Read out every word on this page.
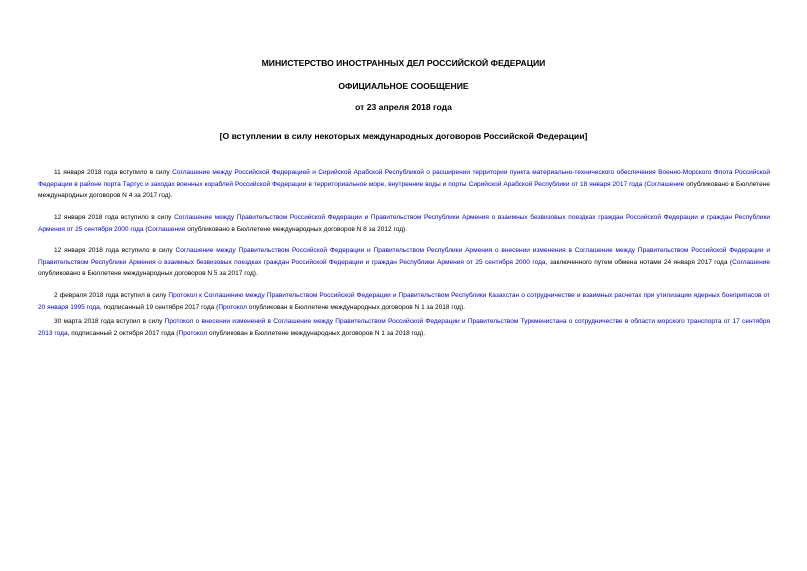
МИНИСТЕРСТВО ИНОСТРАННЫХ ДЕЛ РОССИЙСКОЙ ФЕДЕРАЦИИ
ОФИЦИАЛЬНОЕ СООБЩЕНИЕ
от 23 апреля 2018 года
[О вступлении в силу некоторых международных договоров Российской Федерации]
11 января 2018 года вступило в силу Соглашение между Российской Федерацией и Сирийской Арабской Республикой о расширении территории пункта материально-технического обеспечения Военно-Морского Флота Российской Федерации в районе порта Тартус и заходах военных кораблей Российской Федерации в территориальное море, внутренние воды и порты Сирийской Арабской Республики от 18 января 2017 года (Соглашение опубликовано в Бюллетене международных договоров N 4 за 2017 год).
12 января 2018 года вступило в силу Соглашение между Правительством Российской Федерации и Правительством Республики Армения о взаимных безвизовых поездках граждан Российской Федерации и граждан Республики Армения от 25 сентября 2000 года (Соглашение опубликовано в Бюллетене международных договоров N 8 за 2012 год).
12 января 2018 года вступило в силу Соглашение между Правительством Российской Федерации и Правительством Республики Армения о внесении изменения в Соглашение между Правительством Российской Федерации и Правительством Республики Армения о взаимных безвизовых поездках граждан Российской Федерации и граждан Республики Армения от 25 сентября 2000 года, заключенного путем обмена нотами 24 января 2017 года (Соглашение опубликовано в Бюллетене международных договоров N 5 за 2017 год).
2 февраля 2018 года вступил в силу Протокол к Соглашению между Правительством Российской Федерации и Правительством Республики Казахстан о сотрудничестве и взаимных расчетах при утилизации ядерных боеприпасов от 20 января 1995 года, подписанный 19 сентября 2017 года (Протокол опубликован в Бюллетене международных договоров N 1 за 2018 год).
30 марта 2018 года вступил в силу Протокол о внесении изменений в Соглашение между Правительством Российской Федерации и Правительством Туркменистана о сотрудничестве в области морского транспорта от 17 сентября 2013 года, подписанный 2 октября 2017 года (Протокол опубликован в Бюллетене международных договоров N 1 за 2018 год).
